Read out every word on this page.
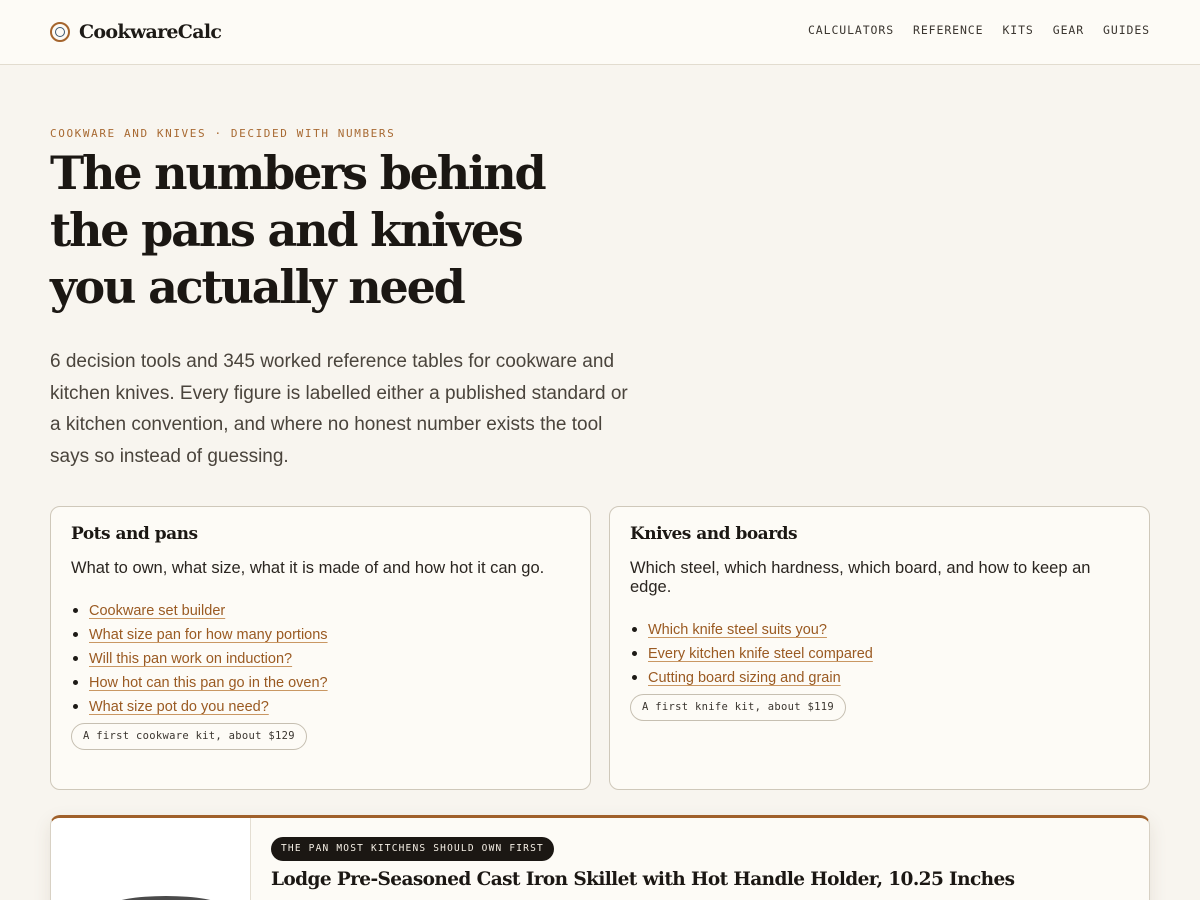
CookwareCalc	CALCULATORS REFERENCE KITS GEAR GUIDES
COOKWARE AND KNIVES · DECIDED WITH NUMBERS
The numbers behind
the pans and knives
you actually need

6 decision tools and 345 worked reference tables for cookware and kitchen knives. Every figure is labelled either a published standard or a kitchen convention, and where no honest number exists the tool says so instead of guessing.

Pots and pans

What to own, what size, what it is made of and how hot it can go.

Cookware set builder
What size pan for how many portions
Will this pan work on induction?
How hot can this pan go in the oven?
What size pot do you need?
A first cookware kit, about $129
Knives and boards

Which steel, which hardness, which board, and how to keep an edge.

Which knife steel suits you?
Every kitchen knife steel compared
Cutting board sizing and grain
A first knife kit, about $119
THE PAN MOST KITCHENS SHOULD OWN FIRST
Lodge Pre-Seasoned Cast Iron Skillet with Hot Handle Holder, 10.25 Inches
